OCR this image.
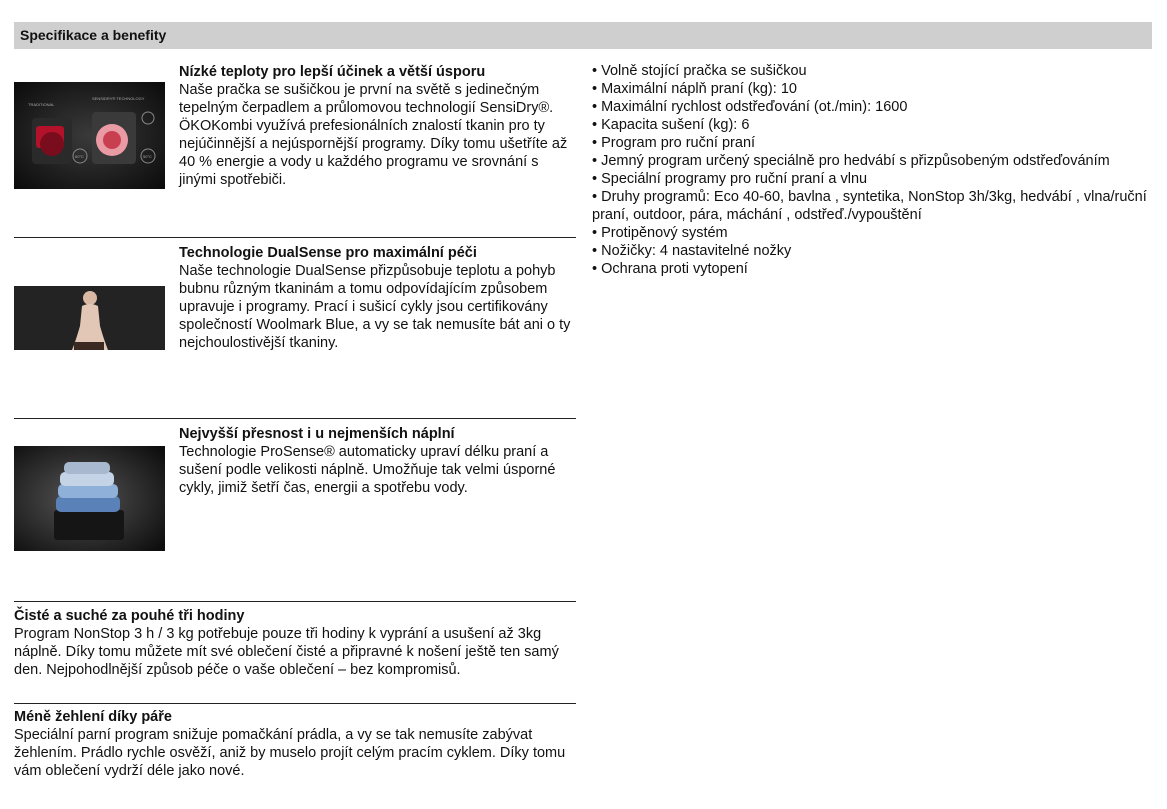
Specifikace a benefity
TRADITIONAL
SENSIDRY® TECHNOLOGY
60°C	50°C
Nízké teploty pro lepší účinek a větší úsporu
Naše pračka se sušičkou je první na světě s jedinečným tepelným čerpadlem a průlomovou technologií SensiDry®. ÖKOKombi využívá prefesionálních znalostí tkanin pro ty nejúčinnější a nejúspornější programy. Díky tomu ušetříte až 40 % energie a vody u každého programu ve srovnání s jinými spotřebiči.
Technologie DualSense pro maximální péči
Naše technologie DualSense přizpůsobuje teplotu a pohyb bubnu různým tkaninám a tomu odpovídajícím způsobem upravuje i programy. Prací i sušicí cykly jsou certifikovány společností Woolmark Blue, a vy se tak nemusíte bát ani o ty nejchoulostivější tkaniny.
Nejvyšší přesnost i u nejmenších náplní
Technologie ProSense® automaticky upraví délku praní a sušení podle velikosti náplně. Umožňuje tak velmi úsporné cykly, jimiž šetří čas, energii a spotřebu vody.
Čisté a suché za pouhé tři hodiny
Program NonStop 3 h / 3 kg potřebuje pouze tři hodiny k vyprání a usušení až 3kg náplně. Díky tomu můžete mít své oblečení čisté a připravné k nošení ještě ten samý den. Nejpohodlnější způsob péče o vaše oblečení – bez kompromisů.
Méně žehlení díky páře
Speciální parní program snižuje pomačkání prádla, a vy se tak nemusíte zabývat žehlením. Prádlo rychle osvěží, aniž by muselo projít celým pracím cyklem. Díky tomu vám oblečení vydrží déle jako nové.
• Volně stojící pračka se sušičkou
• Maximální náplň praní (kg): 10
• Maximální rychlost odstřeďování (ot./min): 1600
• Kapacita sušení (kg): 6
• Program pro ruční praní
• Jemný program určený speciálně pro hedvábí s přizpůsobeným odstřeďováním
• Speciální programy pro ruční praní a vlnu
• Druhy programů: Eco 40-60, bavlna , syntetika, NonStop 3h/3kg, hedvábí , vlna/ruční praní, outdoor, pára, máchání , odstřeď./vypouštění
• Protipěnový systém
• Nožičky: 4 nastavitelné nožky
• Ochrana proti vytopení
